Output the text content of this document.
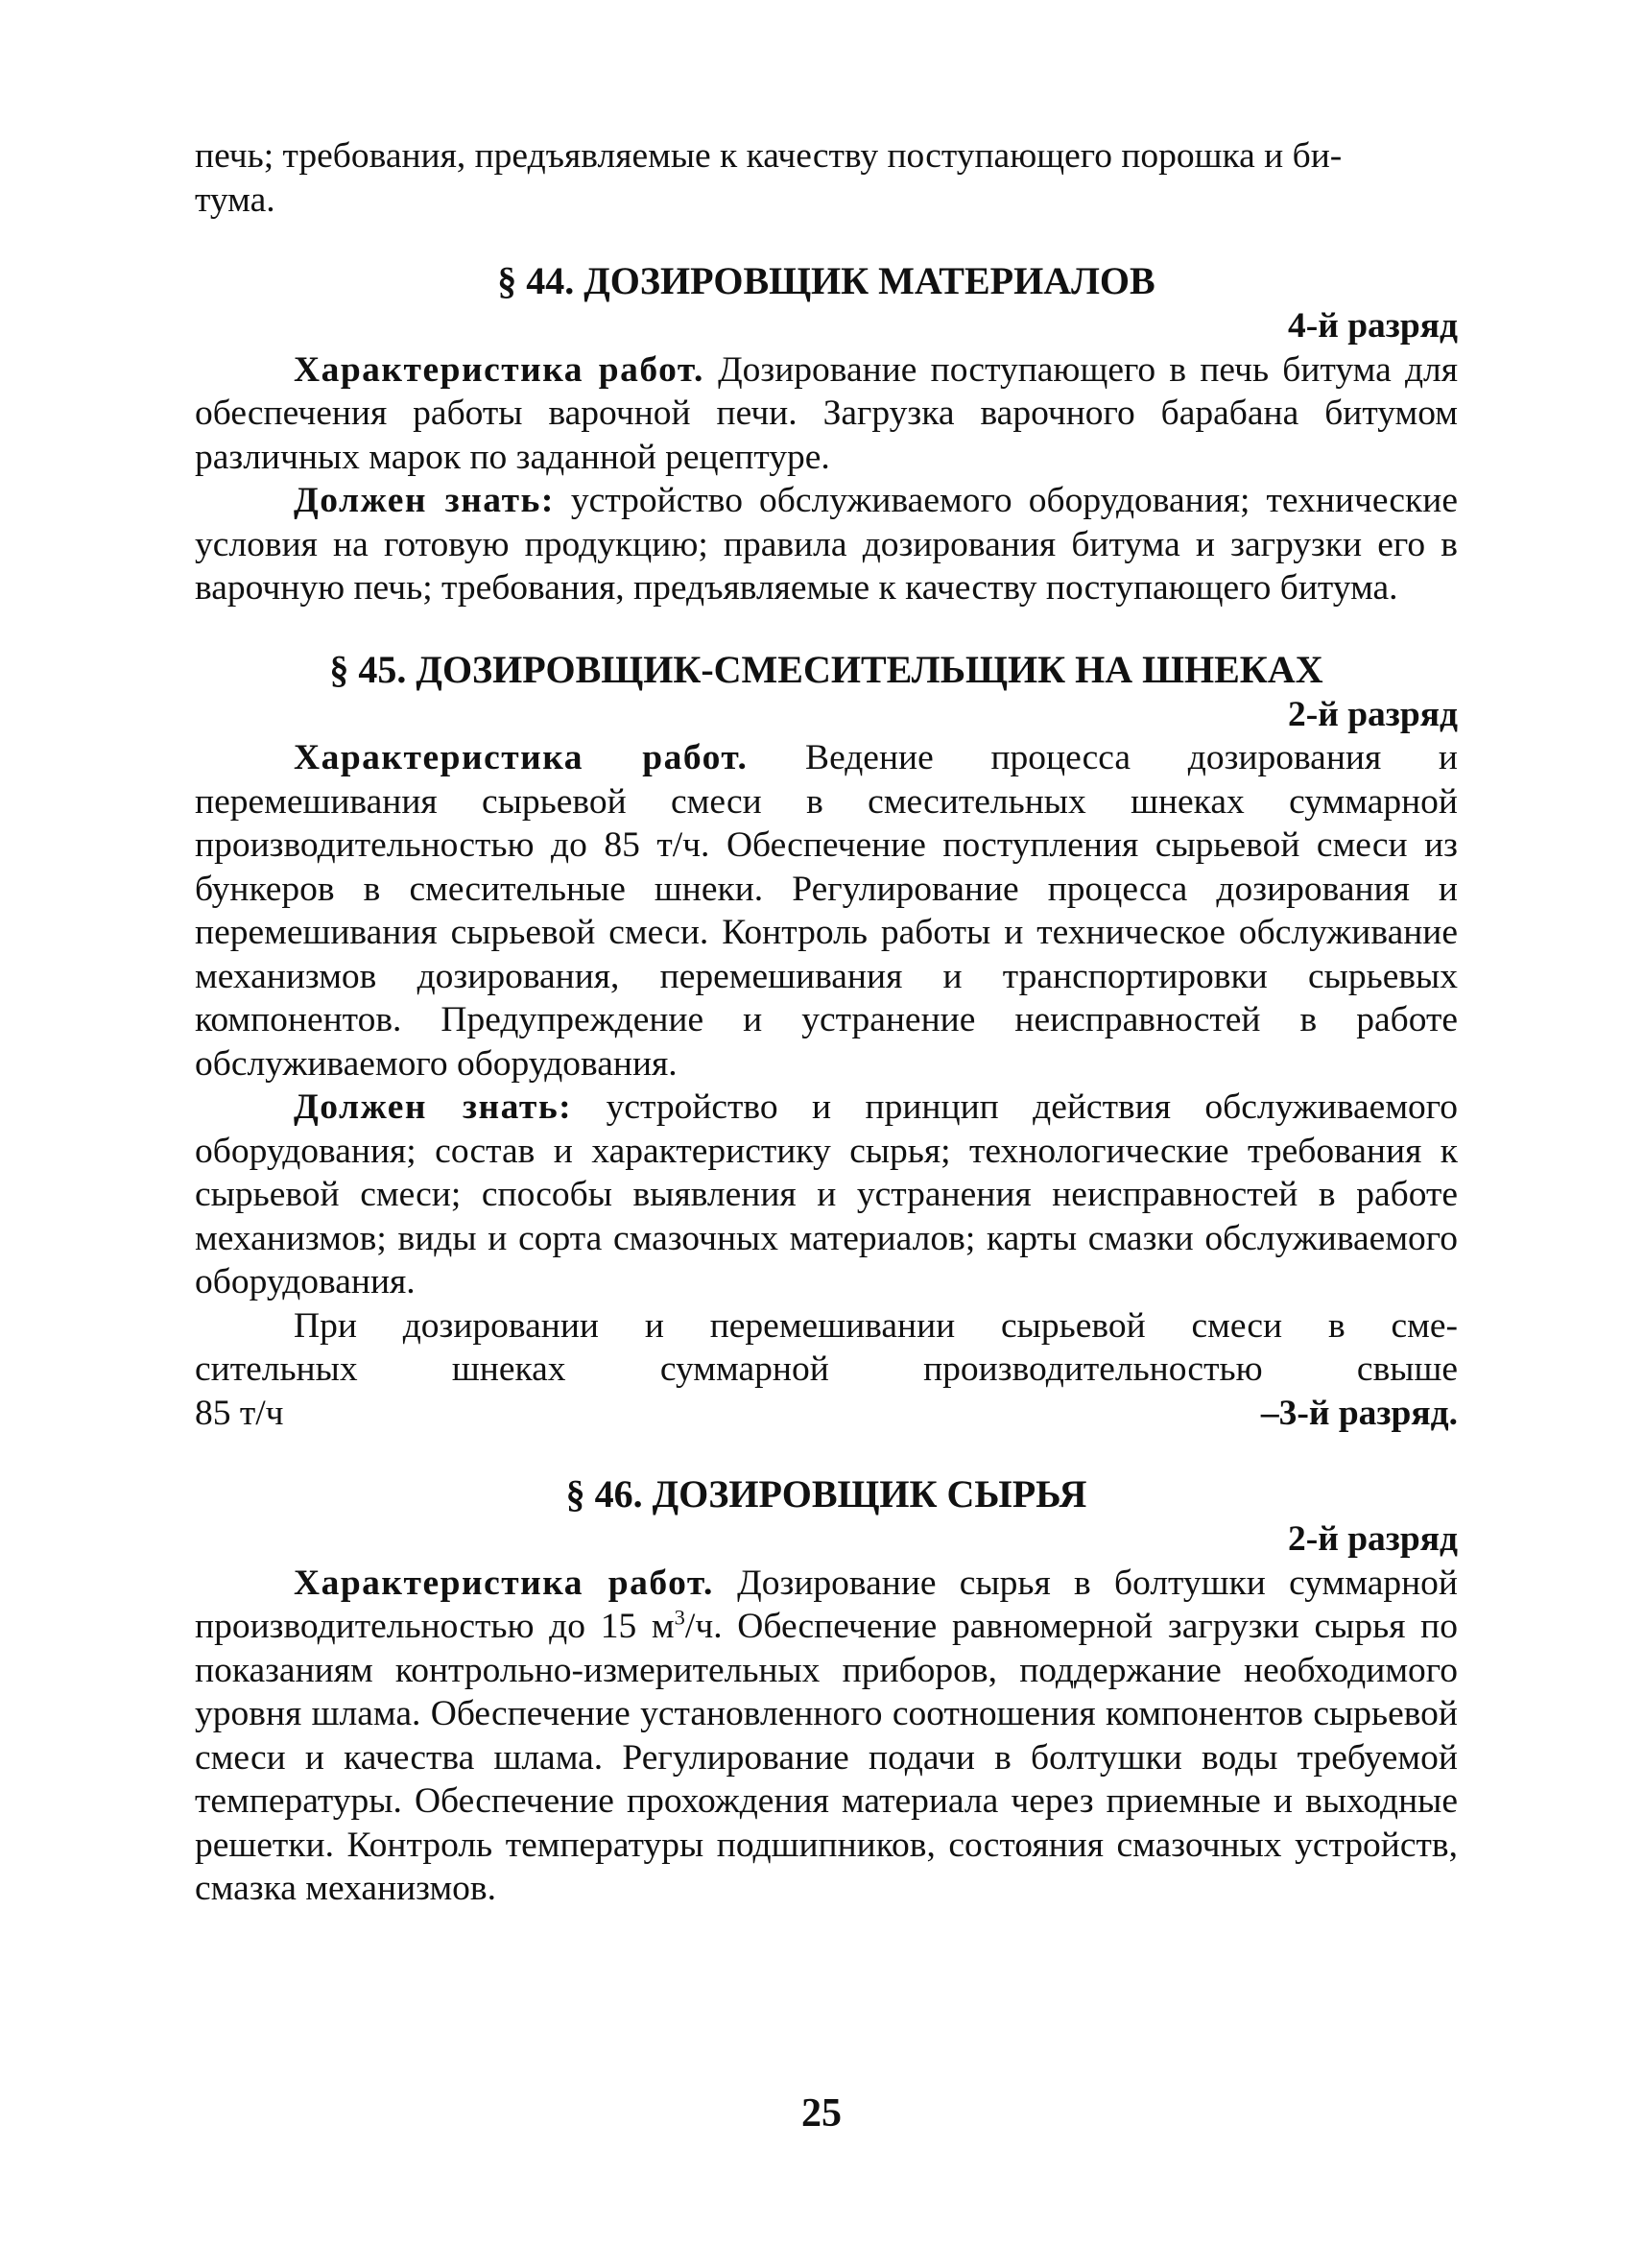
печь; требования, предъявляемые к качеству поступающего порошка и би-
тума.

§ 44. ДОЗИРОВЩИК МАТЕРИАЛОВ

4-й разряд

Характеристика работ. Дозирование поступающего в печь битума для обеспечения работы варочной печи. Загрузка варочного барабана битумом различных марок по заданной рецептуре.

Должен знать: устройство обслуживаемого оборудования; технические условия на готовую продукцию; правила дозирования битума и загрузки его в варочную печь; требования, предъявляемые к качеству поступающего битума.

§ 45. ДОЗИРОВЩИК-СМЕСИТЕЛЬЩИК НА ШНЕКАХ

2-й разряд

Характеристика работ. Ведение процесса дозирования и перемешивания сырьевой смеси в смесительных шнеках суммарной производительностью до 85 т/ч. Обеспечение поступления сырьевой смеси из бункеров в смесительные шнеки. Регулирование процесса дозирования и перемешивания сырьевой смеси. Контроль работы и техническое обслуживание механизмов дозирования, перемешивания и транспортировки сырьевых компонентов. Предупреждение и устранение неисправностей в работе обслуживаемого оборудования.

Должен знать: устройство и принцип действия обслуживаемого оборудования; состав и характеристику сырья; технологические требования к сырьевой смеси; способы выявления и устранения неисправностей в работе механизмов; виды и сорта смазочных материалов; карты смазки обслуживаемого оборудования.

При дозировании и перемешивании сырьевой смеси в сме-

сительных шнеках суммарной производительностью свыше

85 т/ч	–3-й разряд.

§ 46. ДОЗИРОВЩИК СЫРЬЯ

2-й разряд

Характеристика работ. Дозирование сырья в болтушки суммарной производительностью до 15 $м^3/ч$. Обеспечение равномерной загрузки сырья по показаниям контрольно-измерительных приборов, поддержание необходимого уровня шлама. Обеспечение установленного соотношения компонентов сырьевой смеси и качества шлама. Регулирование подачи в болтушки воды требуемой температуры. Обеспечение прохождения материала через приемные и выходные решетки. Контроль температуры подшипников, состояния смазочных устройств, смазка механизмов.

25
